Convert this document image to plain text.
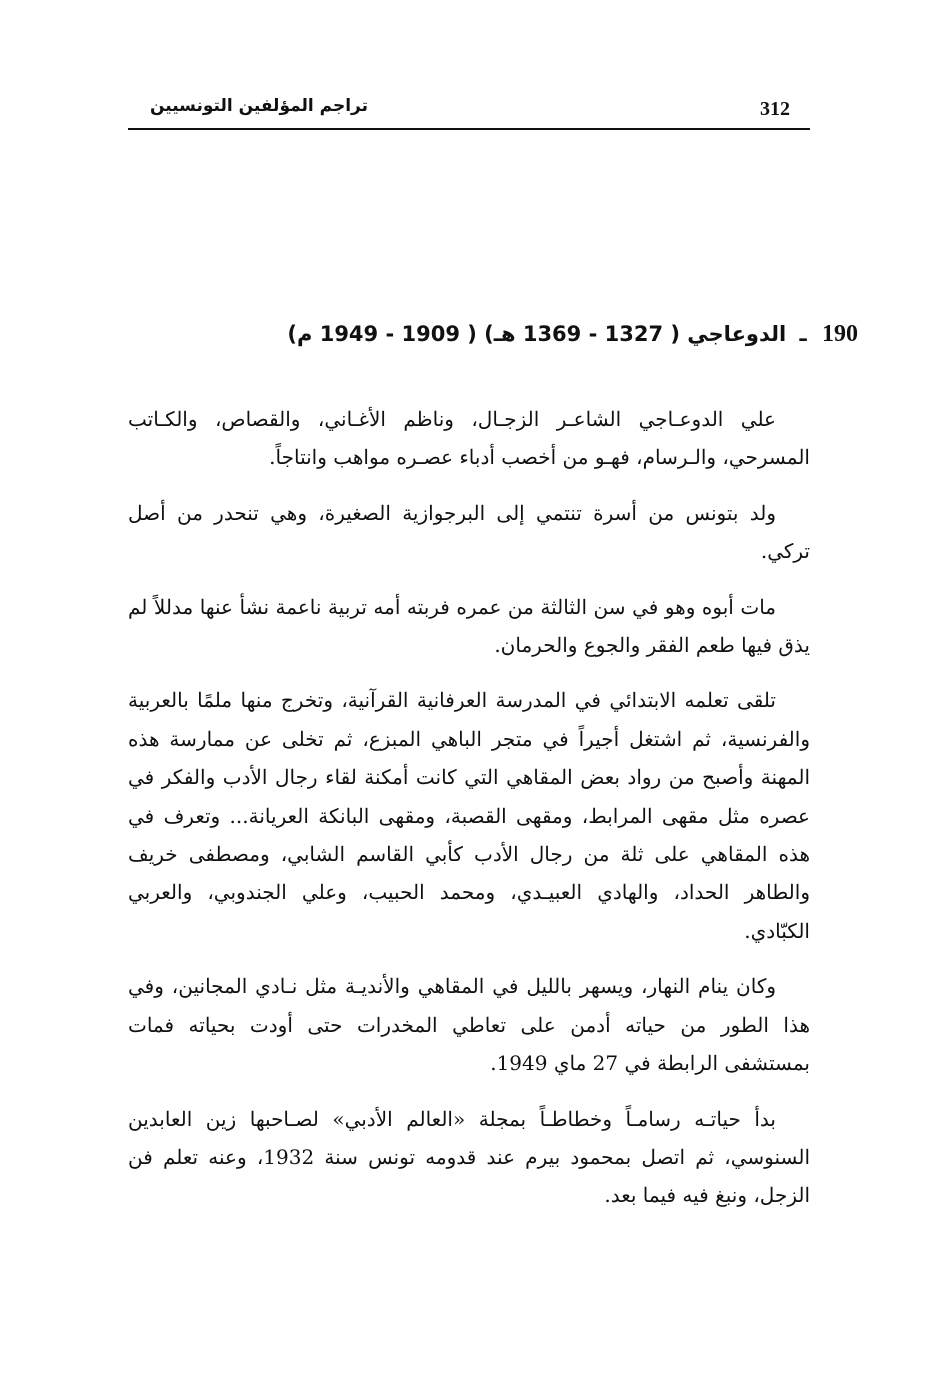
312
تراجم المؤلفين التونسيين
190 ـ الدوعاجي ( 1327 - 1369 هـ) ( 1909 - 1949 م)

علي الدوعـاجي الشاعـر الزجـال، وناظم الأغـاني، والقصاص، والكـاتب المسرحي، والـرسام، فهـو من أخصب أدباء عصـره مواهب وانتاجاً.

ولد بتونس من أسرة تنتمي إلى البرجوازية الصغيرة، وهي تنحدر من أصل تركي.

مات أبوه وهو في سن الثالثة من عمره فربته أمه تربية ناعمة نشأ عنها مدللاً لم يذق فيها طعم الفقر والجوع والحرمان.

تلقى تعلمه الابتدائي في المدرسة العرفانية القرآنية، وتخرج منها ملمًا بالعربية والفرنسية، ثم اشتغل أجيراً في متجر الباهي المبزع، ثم تخلى عن ممارسة هذه المهنة وأصبح من رواد بعض المقاهي التي كانت أمكنة لقاء رجال الأدب والفكر في عصره مثل مقهى المرابط، ومقهى القصبة، ومقهى البانكة العريانة... وتعرف في هذه المقاهي على ثلة من رجال الأدب كأبي القاسم الشابي، ومصطفى خريف والطاهر الحداد، والهادي العبيـدي، ومحمد الحبيب، وعلي الجندوبي، والعربي الكبّادي.

وكان ينام النهار، ويسهر بالليل في المقاهي والأنديـة مثل نـادي المجانين، وفي هذا الطور من حياته أدمن على تعاطي المخدرات حتى أودت بحياته فمات بمستشفى الرابطة في 27 ماي 1949.

بدأ حياتـه رسامـاً وخطاطـاً بمجلة «العالم الأدبي» لصـاحبها زين العابدين السنوسي، ثم اتصل بمحمود بيرم عند قدومه تونس سنة 1932، وعنه تعلم فن الزجل، ونبغ فيه فيما بعد.
